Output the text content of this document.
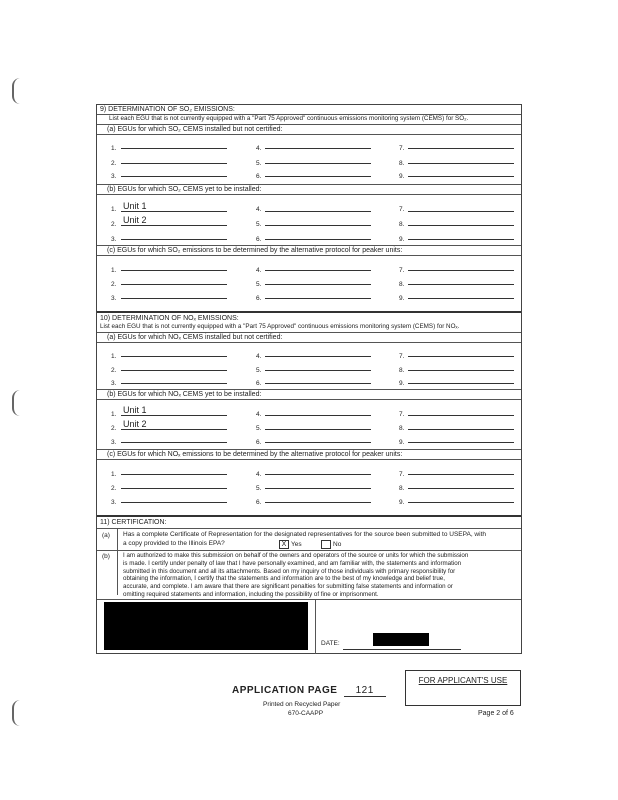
9) DETERMINATION OF SO₂ EMISSIONS:
List each EGU that is not currently equipped with a "Part 75 Approved" continuous emissions monitoring system (CEMS) for SO₂.
(a) EGUs for which SO₂ CEMS installed but not certified:
1.
2.
3.
4.
5.
6.
7.
8.
9.
(b) EGUs for which SO₂ CEMS yet to be installed:
1. Unit 1
2. Unit 2
3.
4.
5.
6.
7.
8.
9.
(c) EGUs for which SO₂ emissions to be determined by the alternative protocol for peaker units:
1.
2.
3.
4.
5.
6.
7.
8.
9.
10) DETERMINATION OF NOₓ EMISSIONS:
List each EGU that is not currently equipped with a "Part 75 Approved" continuous emissions monitoring system (CEMS) for NOₓ.
(a) EGUs for which NOₓ CEMS installed but not certified:
1.
2.
3.
4.
5.
6.
7.
8.
9.
(b) EGUs for which NOₓ CEMS yet to be installed:
1. Unit 1
2. Unit 2
3.
4.
5.
6.
7.
8.
9.
(c) EGUs for which NOₓ emissions to be determined by the alternative protocol for peaker units:
1.
2.
3.
4.
5.
6.
7.
8.
9.
11) CERTIFICATION:
(a) Has a complete Certificate of Representation for the designated representatives for the source been submitted to USEPA, with
a copy provided to the Illinois EPA?	X Yes	No
(b) I am authorized to make this submission on behalf of the owners and operators of the source or units for which the submission
is made. I certify under penalty of law that I have personally examined, and am familiar with, the statements and information
submitted in this document and all its attachments. Based on my inquiry of those individuals with primary responsibility for
obtaining the information, I certify that the statements and information are to the best of my knowledge and belief true,
accurate, and complete. I am aware that there are significant penalties for submitting false statements and information or
omitting required statements and information, including the possibility of fine or imprisonment.
DATE:
FOR APPLICANT'S USE
APPLICATION PAGE 121
Printed on Recycled Paper
670-CAAPP	Page 2 of 6
